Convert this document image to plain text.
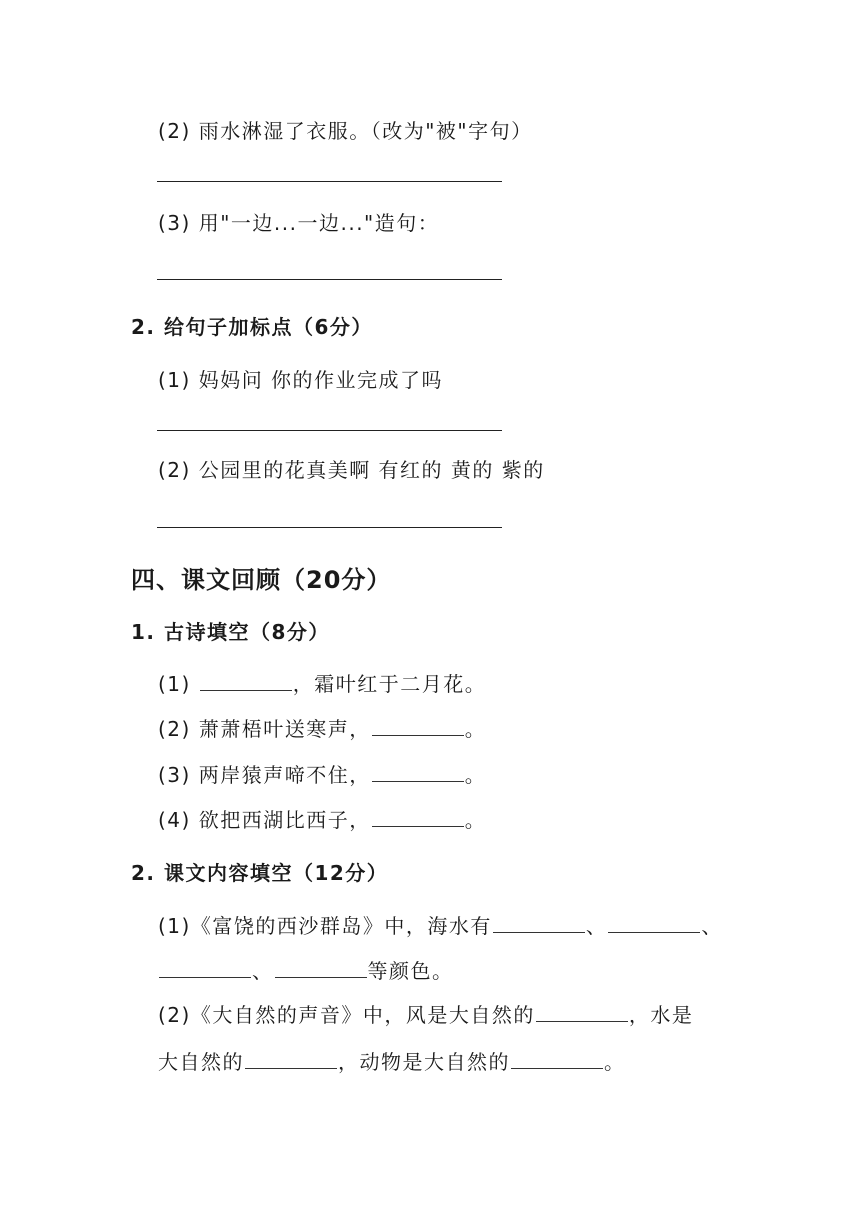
(2) 雨水淋湿了衣服。（改为"被"字句）
(3) 用"一边...一边..."造句：
2. 给句子加标点（6分）
(1) 妈妈问 你的作业完成了吗
(2) 公园里的花真美啊 有红的 黄的 紫的
四、课文回顾（20分）
1. 古诗填空（8分）
(1)	，霜叶红于二月花。
(2) 萧萧梧叶送寒声，	。
(3) 两岸猿声啼不住，	。
(4) 欲把西湖比西子，	。
2. 课文内容填空（12分）
(1)《富饶的西沙群岛》中，海水有	、	、
、	等颜色。
(2)《大自然的声音》中，风是大自然的	，水是
大自然的	，动物是大自然的	。
